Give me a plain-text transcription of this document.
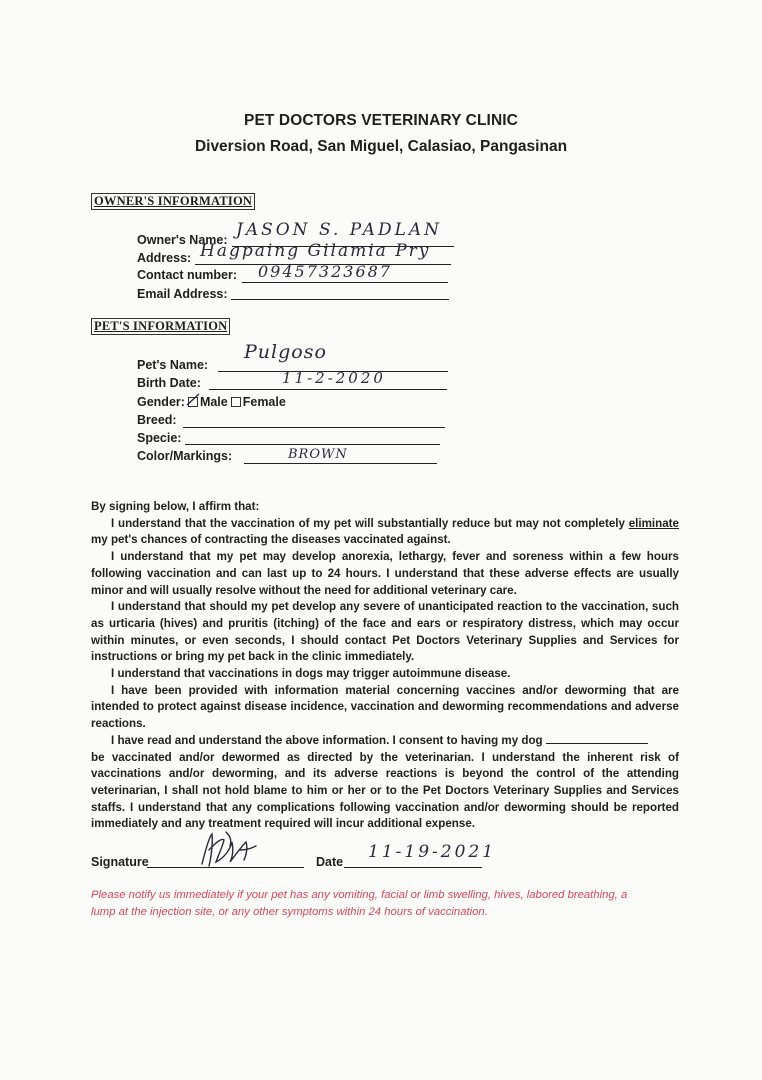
PET DOCTORS VETERINARY CLINIC
Diversion Road, San Miguel, Calasiao, Pangasinan
OWNER'S INFORMATION
Owner's Name: JASON S. PADLAN
Address: Hagpaing Gilamia Pry
Contact number: 09457323687
Email Address:
PET'S INFORMATION
Pet's Name:
Pulgoso
Birth Date:	11-2-2020
Gender: Male Female
Breed:
Specie:
Color/Markings:	BROWN

By signing below, I affirm that:

I understand that the vaccination of my pet will substantially reduce but may not completely eliminate my pet's chances of contracting the diseases vaccinated against.

I understand that my pet may develop anorexia, lethargy, fever and soreness within a few hours following vaccination and can last up to 24 hours. I understand that these adverse effects are usually minor and will usually resolve without the need for additional veterinary care.

I understand that should my pet develop any severe of unanticipated reaction to the vaccination, such as urticaria (hives) and pruritis (itching) of the face and ears or respiratory distress, which may occur within minutes, or even seconds, I should contact Pet Doctors Veterinary Supplies and Services for instructions or bring my pet back in the clinic immediately.

I understand that vaccinations in dogs may trigger autoimmune disease.

I have been provided with information material concerning vaccines and/or deworming that are intended to protect against disease incidence, vaccination and deworming recommendations and adverse reactions.

I have read and understand the above information. I consent to having my dog

be vaccinated and/or dewormed as directed by the veterinarian. I understand the inherent risk of vaccinations and/or deworming, and its adverse reactions is beyond the control of the attending veterinarian, I shall not hold blame to him or her or to the Pet Doctors Veterinary Supplies and Services staffs. I understand that any complications following vaccination and/or deworming should be reported immediately and any treatment required will incur additional expense.

Signature	Date 11-19-2021
Please notify us immediately if your pet has any vomiting, facial or limb swelling, hives, labored breathing, a lump at the injection site, or any other symptoms within 24 hours of vaccination.
